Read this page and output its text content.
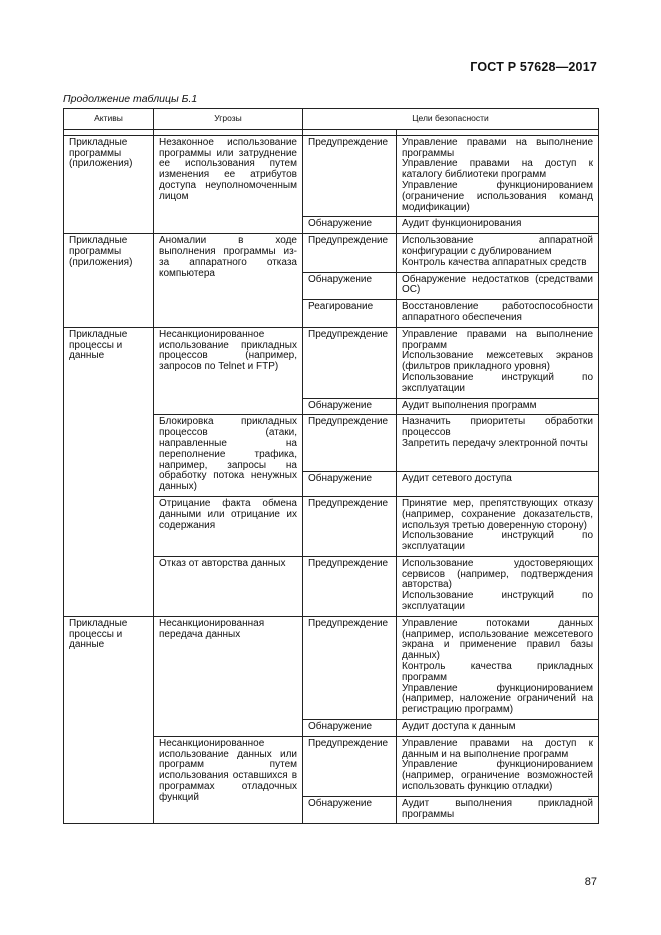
ГОСТ Р 57628—2017
Продолжение таблицы Б.1
Активы	Угрозы	Цели безопасности	

Прикладные программы (приложения)	Незаконное использование программы или затруднение ее использования путем изменения ее атрибутов доступа неуполномоченным лицом	Предупреждение	Управление правами на выполнение программы
Управление правами на доступ к каталогу библиотеки программ
Управление функционированием (ограничение использования команд модификации)

		Обнаружение	Аудит функционирования

Прикладные программы (приложения)	Аномалии в ходе выполнения программы из-за аппаратного отказа компьютера	Предупреждение	Использование аппаратной конфигурации с дублированием
Контроль качества аппаратных средств

		Обнаружение	Обнаружение недостатков (средствами ОС)

		Реагирование	Восстановление работоспособности аппаратного обеспечения

Прикладные процессы и данные	Несанкционированное использование прикладных процессов (например, запросов по Telnet и FTP)	Предупреждение	Управление правами на выполнение программ
Использование межсетевых экранов (фильтров прикладного уровня)
Использование инструкций по эксплуатации

		Обнаружение	Аудит выполнения программ

	Блокировка прикладных процессов (атаки, направленные на переполнение трафика, например, запросы на обработку потока ненужных данных)	Предупреждение	Назначить приоритеты обработки процессов
Запретить передачу электронной почты

		Обнаружение	Аудит сетевого доступа

	Отрицание факта обмена данными или отрицание их содержания	Предупреждение	Принятие мер, препятствующих отказу (например, сохранение доказательств, используя третью доверенную сторону)
Использование инструкций по эксплуатации

	Отказ от авторства данных	Предупреждение	Использование удостоверяющих сервисов (например, подтверждения авторства)
Использование инструкций по эксплуатации

Прикладные процессы и данные	Несанкционированная передача данных	Предупреждение	Управление потоками данных (например, использование межсетевого экрана и применение правил базы данных)
Контроль качества прикладных программ
Управление функционированием (например, наложение ограничений на регистрацию программ)

		Обнаружение	Аудит доступа к данным

	Несанкционированное использование данных или программ путем использования оставшихся в программах отладочных функций	Предупреждение	Управление правами на доступ к данным и на выполнение программ
Управление функционированием (например, ограничение возможностей использовать функцию отладки)

		Обнаружение	Аудит выполнения прикладной программы
87
